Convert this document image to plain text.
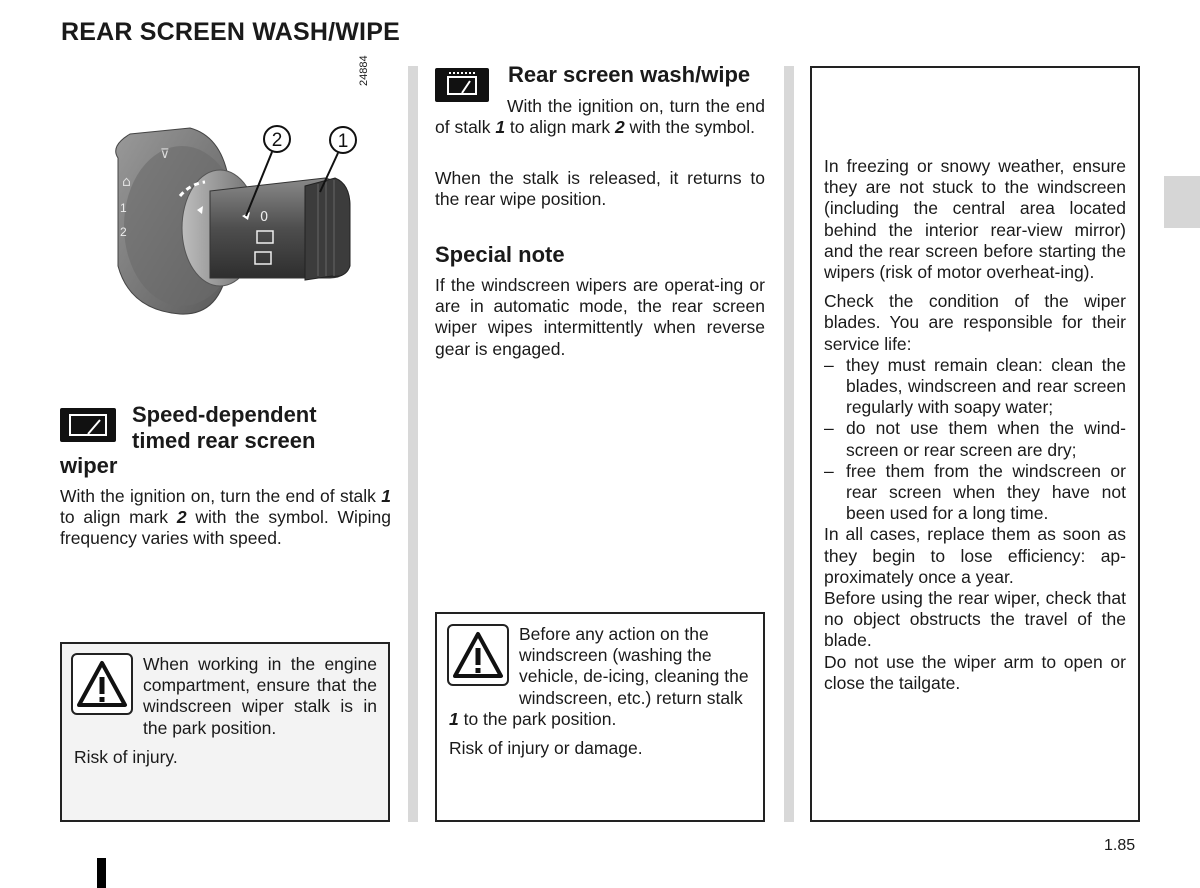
REAR SCREEN WASH/WIPE
⌂
⊽
1
2
0
2	1
24884
Speed-dependent
timed rear screen
wiper

With the ignition on, turn the end of stalk 1 to align mark 2 with the symbol. Wiping frequency varies with speed.

When working in the engine compartment, ensure that the windscreen wiper stalk is in the park position.

Risk of injury.

Rear screen wash/wipe

With the ignition on, turn the end of stalk 1 to align mark 2 with the symbol.

When the stalk is released, it returns to the rear wipe position.

Special note

If the windscreen wipers are operat-ing or are in automatic mode, the rear screen wiper wipes intermittently when reverse gear is engaged.

Before any action on the windscreen (washing the vehicle, de-icing, cleaning the windscreen, etc.) return stalk 1 to the park position.

Risk of injury or damage.

In freezing or snowy weather, ensure they are not stuck to the windscreen (including the central area located behind the interior rear-view mirror) and the rear screen before starting the wipers (risk of motor overheat-ing).

Check the condition of the wiper blades. You are responsible for their service life:

– they must remain clean: clean the blades, windscreen and rear screen regularly with soapy water;
– do not use them when the wind-screen or rear screen are dry;
– free them from the windscreen or rear screen when they have not been used for a long time.

In all cases, replace them as soon as they begin to lose efficiency: ap-proximately once a year.

Before using the rear wiper, check that no object obstructs the travel of the blade.

Do not use the wiper arm to open or close the tailgate.

1.85
